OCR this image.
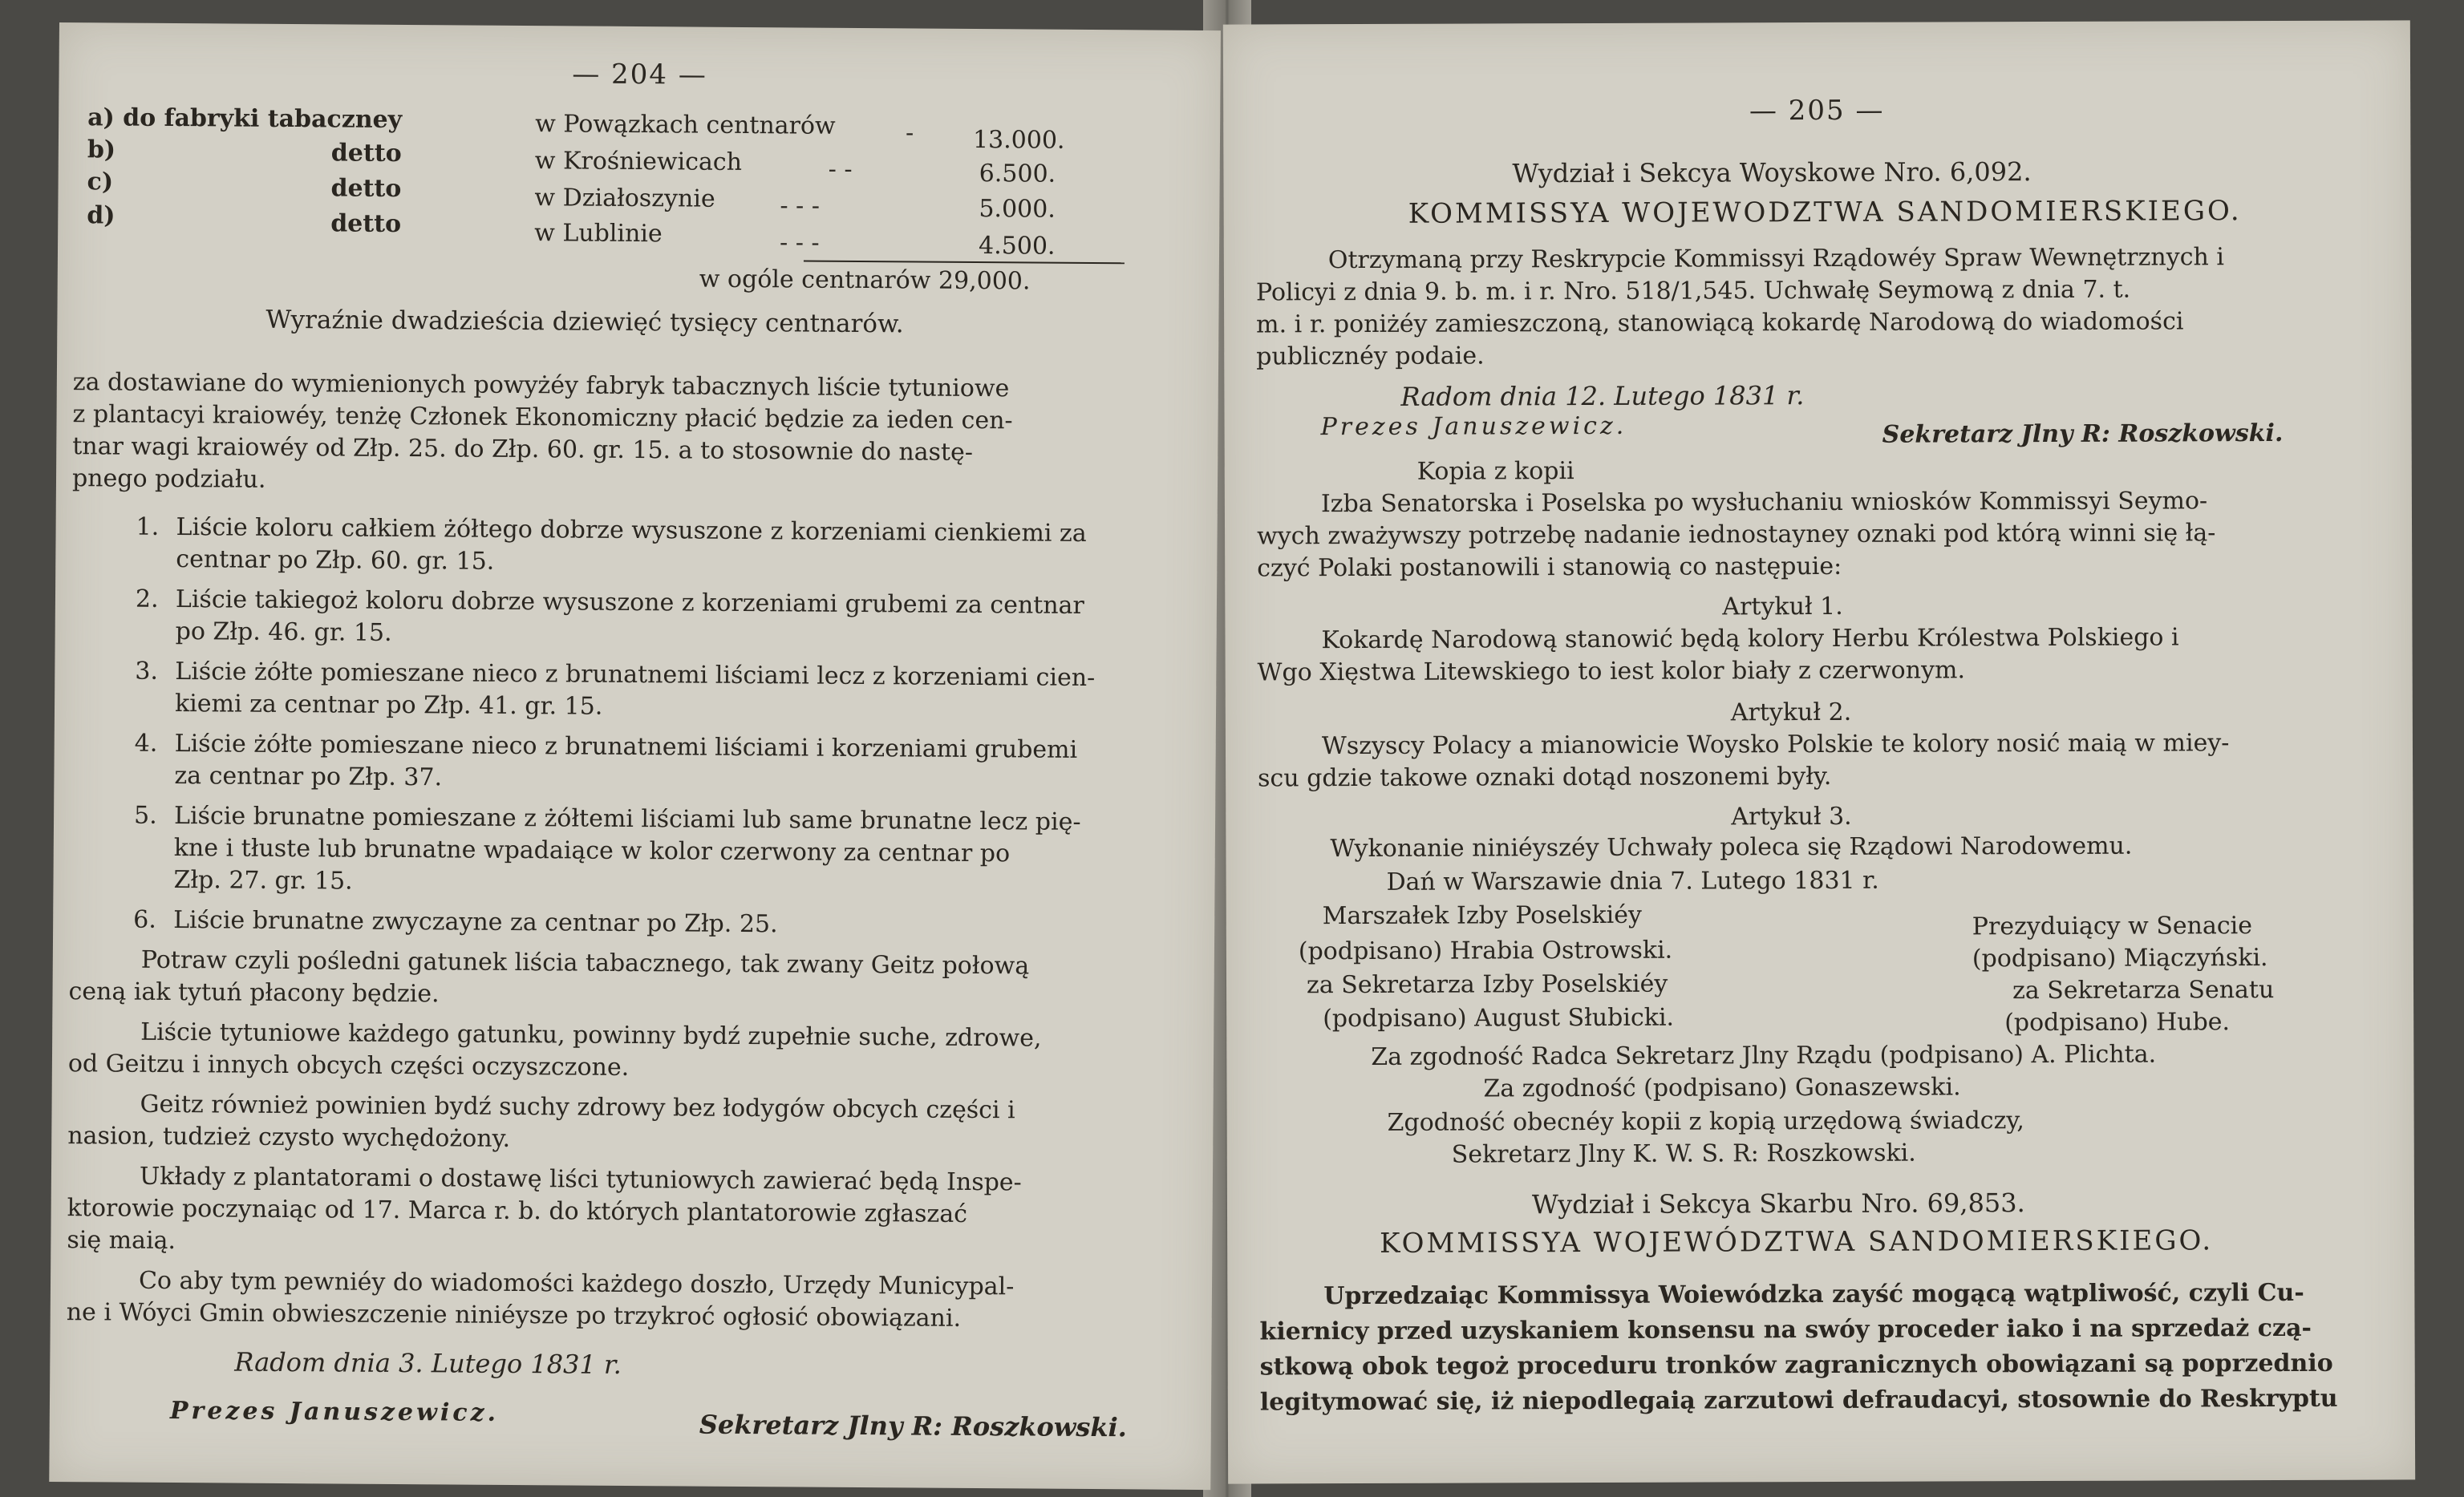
— 204 —
a) do fabryki tabaczney	w Powązkach centnarów	- 13.000.
b)	detto	w Krośniewicach	- -	6.500.
c)	detto	w Działoszynie	- - -	5.000.
d)	detto	w Lublinie	- - -	4.500.
w ogóle centnarów 29,000.
Wyraźnie dwadzieścia dziewięć tysięcy centnarów.
za dostawiane do wymienionych powyżéy fabryk tabacznych liście tytuniowe
z plantacyi kraiowéy, tenżę Członek Ekonomiczny płacić będzie za ieden cen-
tnar wagi kraiowéy od Złp. 25. do Złp. 60. gr. 15. a to stosownie do nastę-
pnego podziału.
1. Liście koloru całkiem żółtego dobrze wysuszone z korzeniami cienkiemi za
centnar po Złp. 60. gr. 15.
2. Liście takiegoż koloru dobrze wysuszone z korzeniami grubemi za centnar
po Złp. 46. gr. 15.
3. Liście żółte pomieszane nieco z brunatnemi liściami lecz z korzeniami cien-
kiemi za centnar po Złp. 41. gr. 15.
4. Liście żółte pomieszane nieco z brunatnemi liściami i korzeniami grubemi
za centnar po Złp. 37.
5. Liście brunatne pomieszane z żółtemi liściami lub same brunatne lecz pię-
kne i tłuste lub brunatne wpadaiące w kolor czerwony za centnar po
Złp. 27. gr. 15.
6. Liście brunatne zwyczayne za centnar po Złp. 25.
Potraw czyli pośledni gatunek liścia tabacznego, tak zwany Geitz połową
ceną iak tytuń płacony będzie.
Liście tytuniowe każdego gatunku, powinny bydź zupełnie suche, zdrowe,
od Geitzu i innych obcych części oczyszczone.
Geitz również powinien bydź suchy zdrowy bez łodygów obcych części i
nasion, tudzież czysto wychędożony.
Układy z plantatorami o dostawę liści tytuniowych zawierać będą Inspe-
ktorowie poczynaiąc od 17. Marca r. b. do których plantatorowie zgłaszać
się maią.
Co aby tym pewniéy do wiadomości każdego doszło, Urzędy Municypal-
ne i Wóyci Gmin obwieszczenie niniéysze po trzykroć ogłosić obowiązani.
Radom dnia 3. Lutego 1831 r.
Prezes Januszewicz.	Sekretarz Jlny R: Roszkowski.
— 205 —
Wydział i Sekcya Woyskowe Nro. 6,092.
KOMMISSYA WOJEWODZTWA SANDOMIERSKIEGO.
Otrzymaną przy Reskrypcie Kommissyi Rządowéy Spraw Wewnętrznych i
Policyi z dnia 9. b. m. i r. Nro. 518/1,545. Uchwałę Seymową z dnia 7. t.
m. i r. poniżéy zamieszczoną, stanowiącą kokardę Narodową do wiadomości
publicznéy podaie.
Radom dnia 12. Lutego 1831 r.
Prezes Januszewicz.	Sekretarz Jlny R: Roszkowski.
Kopia z kopii
Izba Senatorska i Poselska po wysłuchaniu wniosków Kommissyi Seymo-
wych zważywszy potrzebę nadanie iednostayney oznaki pod którą winni się łą-
czyć Polaki postanowili i stanowią co następuie:
Artykuł 1.
Kokardę Narodową stanowić będą kolory Herbu Królestwa Polskiego i
Wgo Xięstwa Litewskiego to iest kolor biały z czerwonym.
Artykuł 2.
Wszyscy Polacy a mianowicie Woysko Polskie te kolory nosić maią w miey-
scu gdzie takowe oznaki dotąd noszonemi były.
Artykuł 3.
Wykonanie niniéyszéy Uchwały poleca się Rządowi Narodowemu.
Dań w Warszawie dnia 7. Lutego 1831 r.
Marszałek Izby Poselskiéy
(podpisano) Hrabia Ostrowski.
za Sekretarza Izby Poselskiéy
(podpisano) August Słubicki.
Prezyduiący w Senacie
(podpisano) Miączyński.
za Sekretarza Senatu
(podpisano) Hube.
Za zgodność Radca Sekretarz Jlny Rządu (podpisano) A. Plichta.
Za zgodność (podpisano) Gonaszewski.
Zgodność obecnéy kopii z kopią urzędową świadczy,
Sekretarz Jlny K. W. S. R: Roszkowski.
Wydział i Sekcya Skarbu Nro. 69,853.
KOMMISSYA WOJEWÓDZTWA SANDOMIERSKIEGO.
Uprzedzaiąc Kommissya Woiewódzka zayść mogącą wątpliwość, czyli Cu-
kiernicy przed uzyskaniem konsensu na swóy proceder iako i na sprzedaż czą-
stkową obok tegoż proceduru tronków zagranicznych obowiązani są poprzednio
legitymować się, iż niepodlegaią zarzutowi defraudacyi, stosownie do Reskryptu
